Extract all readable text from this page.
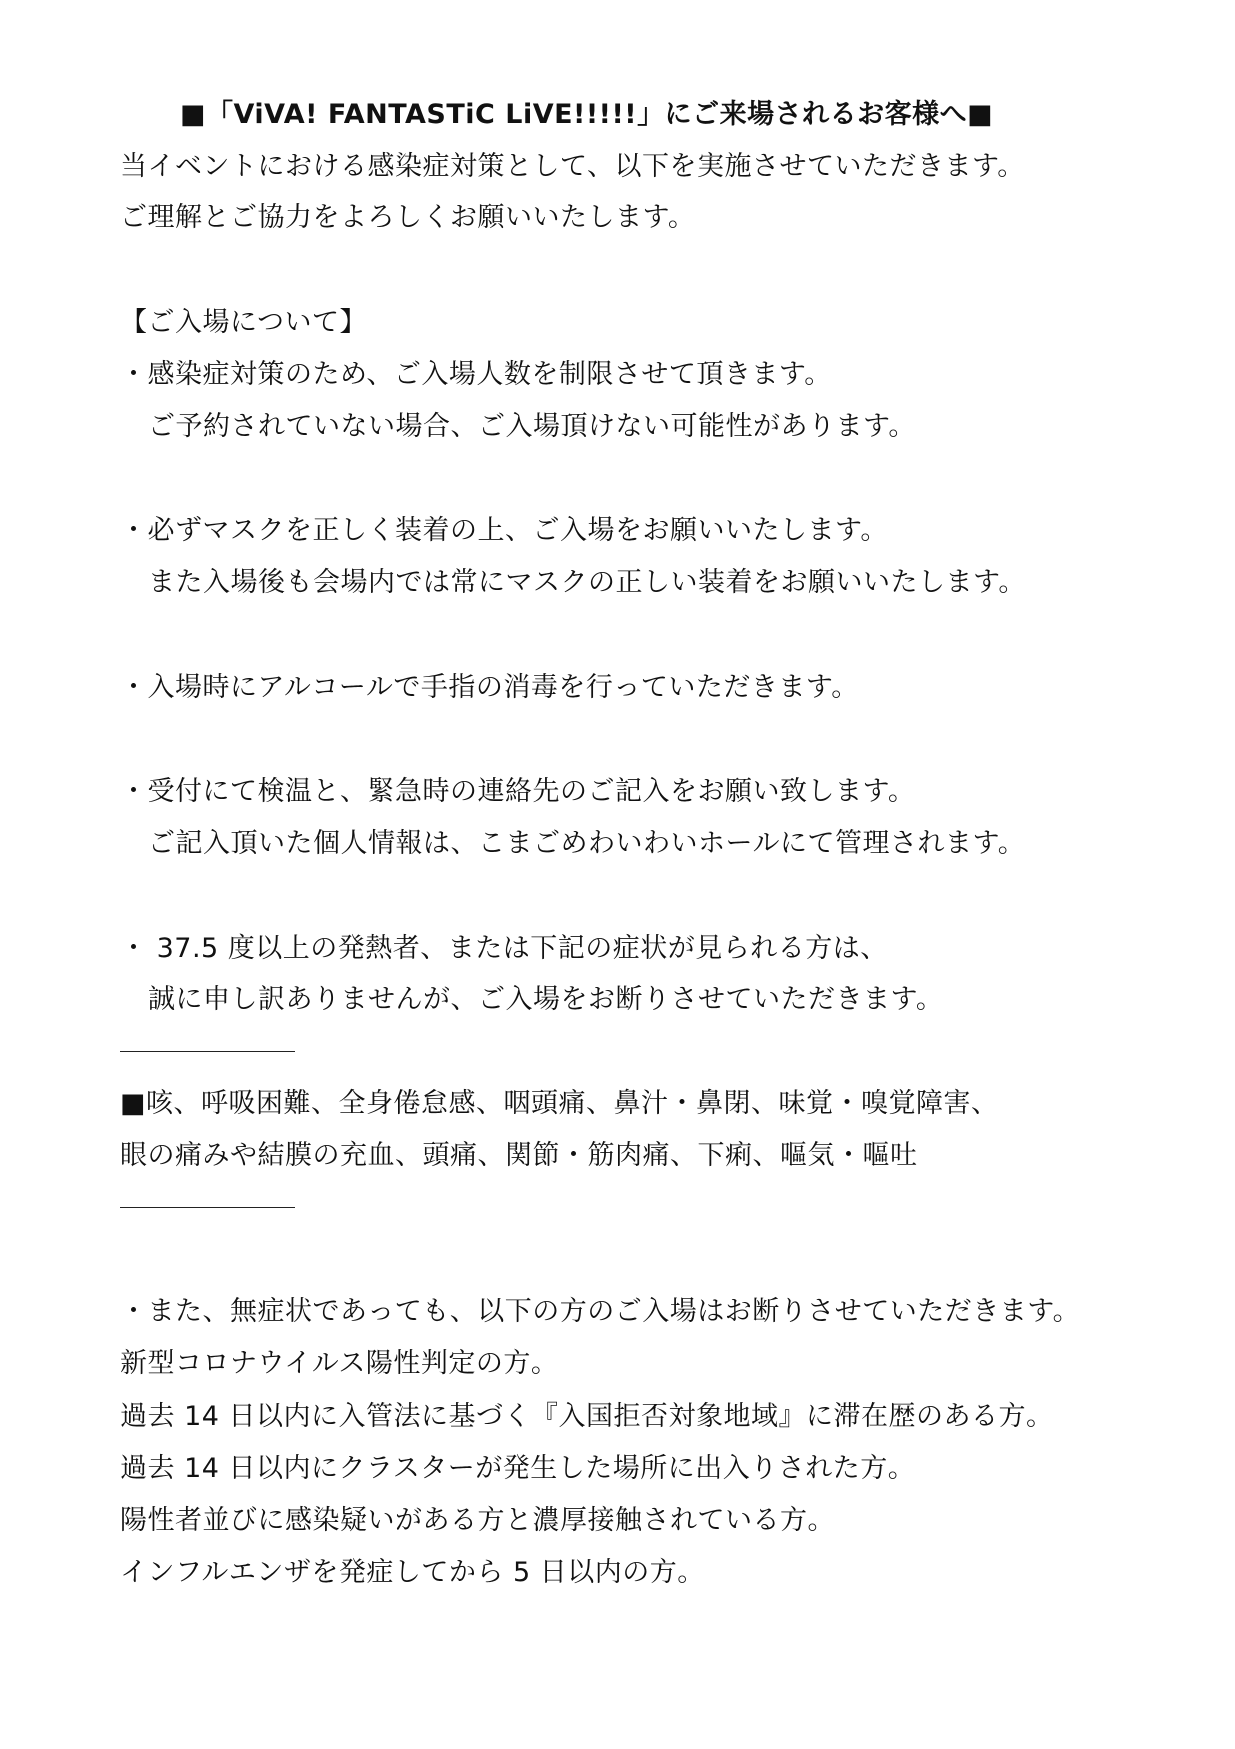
■「ViVA! FANTASTiC LiVE!!!!!」にご来場されるお客様へ■
当イベントにおける感染症対策として、以下を実施させていただきます。
ご理解とご協力をよろしくお願いいたします。
【ご入場について】
・感染症対策のため、ご入場人数を制限させて頂きます。
ご予約されていない場合、ご入場頂けない可能性があります。
・必ずマスクを正しく装着の上、ご入場をお願いいたします。
また入場後も会場内では常にマスクの正しい装着をお願いいたします。
・入場時にアルコールで手指の消毒を行っていただきます。
・受付にて検温と、緊急時の連絡先のご記入をお願い致します。
ご記入頂いた個人情報は、こまごめわいわいホールにて管理されます。
・ 37.5 度以上の発熱者、または下記の症状が見られる方は、
誠に申し訳ありませんが、ご入場をお断りさせていただきます。
■咳、呼吸困難、全身倦怠感、咽頭痛、鼻汁・鼻閉、味覚・嗅覚障害、
眼の痛みや結膜の充血、頭痛、関節・筋肉痛、下痢、嘔気・嘔吐
・また、無症状であっても、以下の方のご入場はお断りさせていただきます。
新型コロナウイルス陽性判定の方。
過去 14 日以内に入管法に基づく『入国拒否対象地域』に滞在歴のある方。
過去 14 日以内にクラスターが発生した場所に出入りされた方。
陽性者並びに感染疑いがある方と濃厚接触されている方。
インフルエンザを発症してから 5 日以内の方。
